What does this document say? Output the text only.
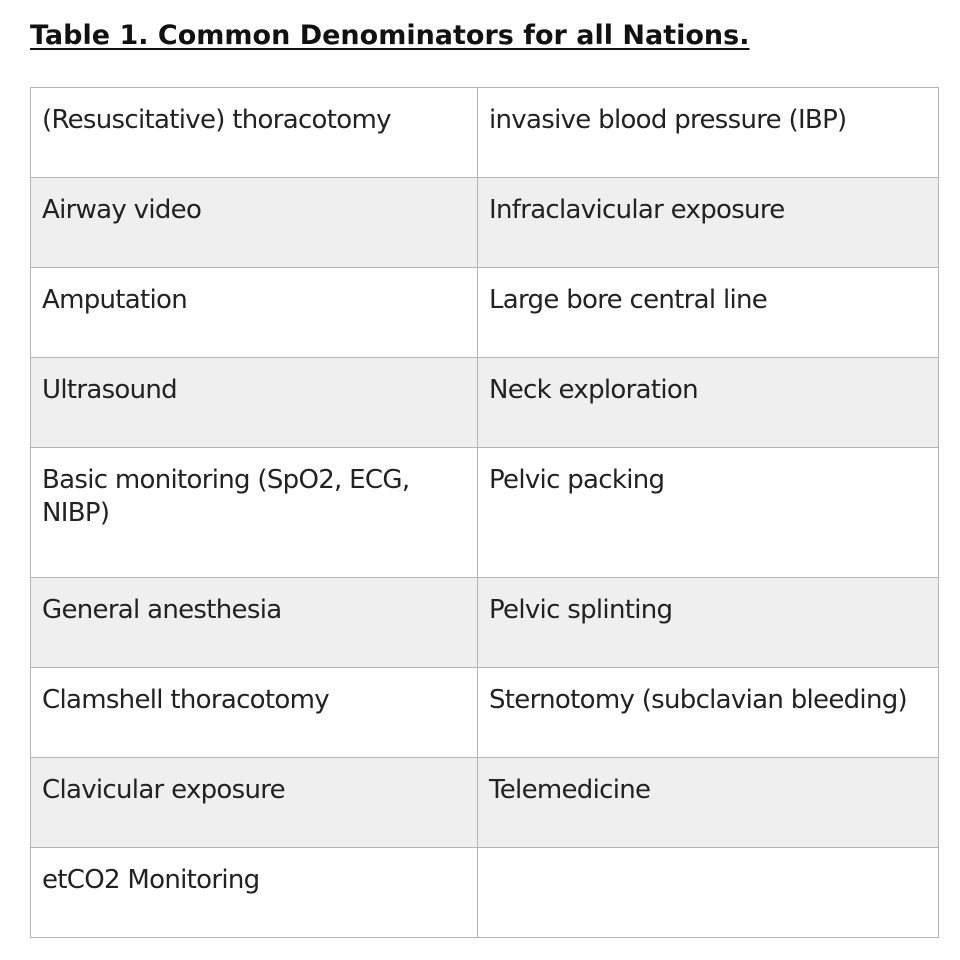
Table 1. Common Denominators for all Nations.
(Resuscitative) thoracotomy	invasive blood pressure (IBP)
Airway video	Infraclavicular exposure
Amputation	Large bore central line
Ultrasound	Neck exploration
Basic monitoring (SpO2, ECG, NIBP)	Pelvic packing
General anesthesia	Pelvic splinting
Clamshell thoracotomy	Sternotomy (subclavian bleeding)
Clavicular exposure	Telemedicine
etCO2 Monitoring	
